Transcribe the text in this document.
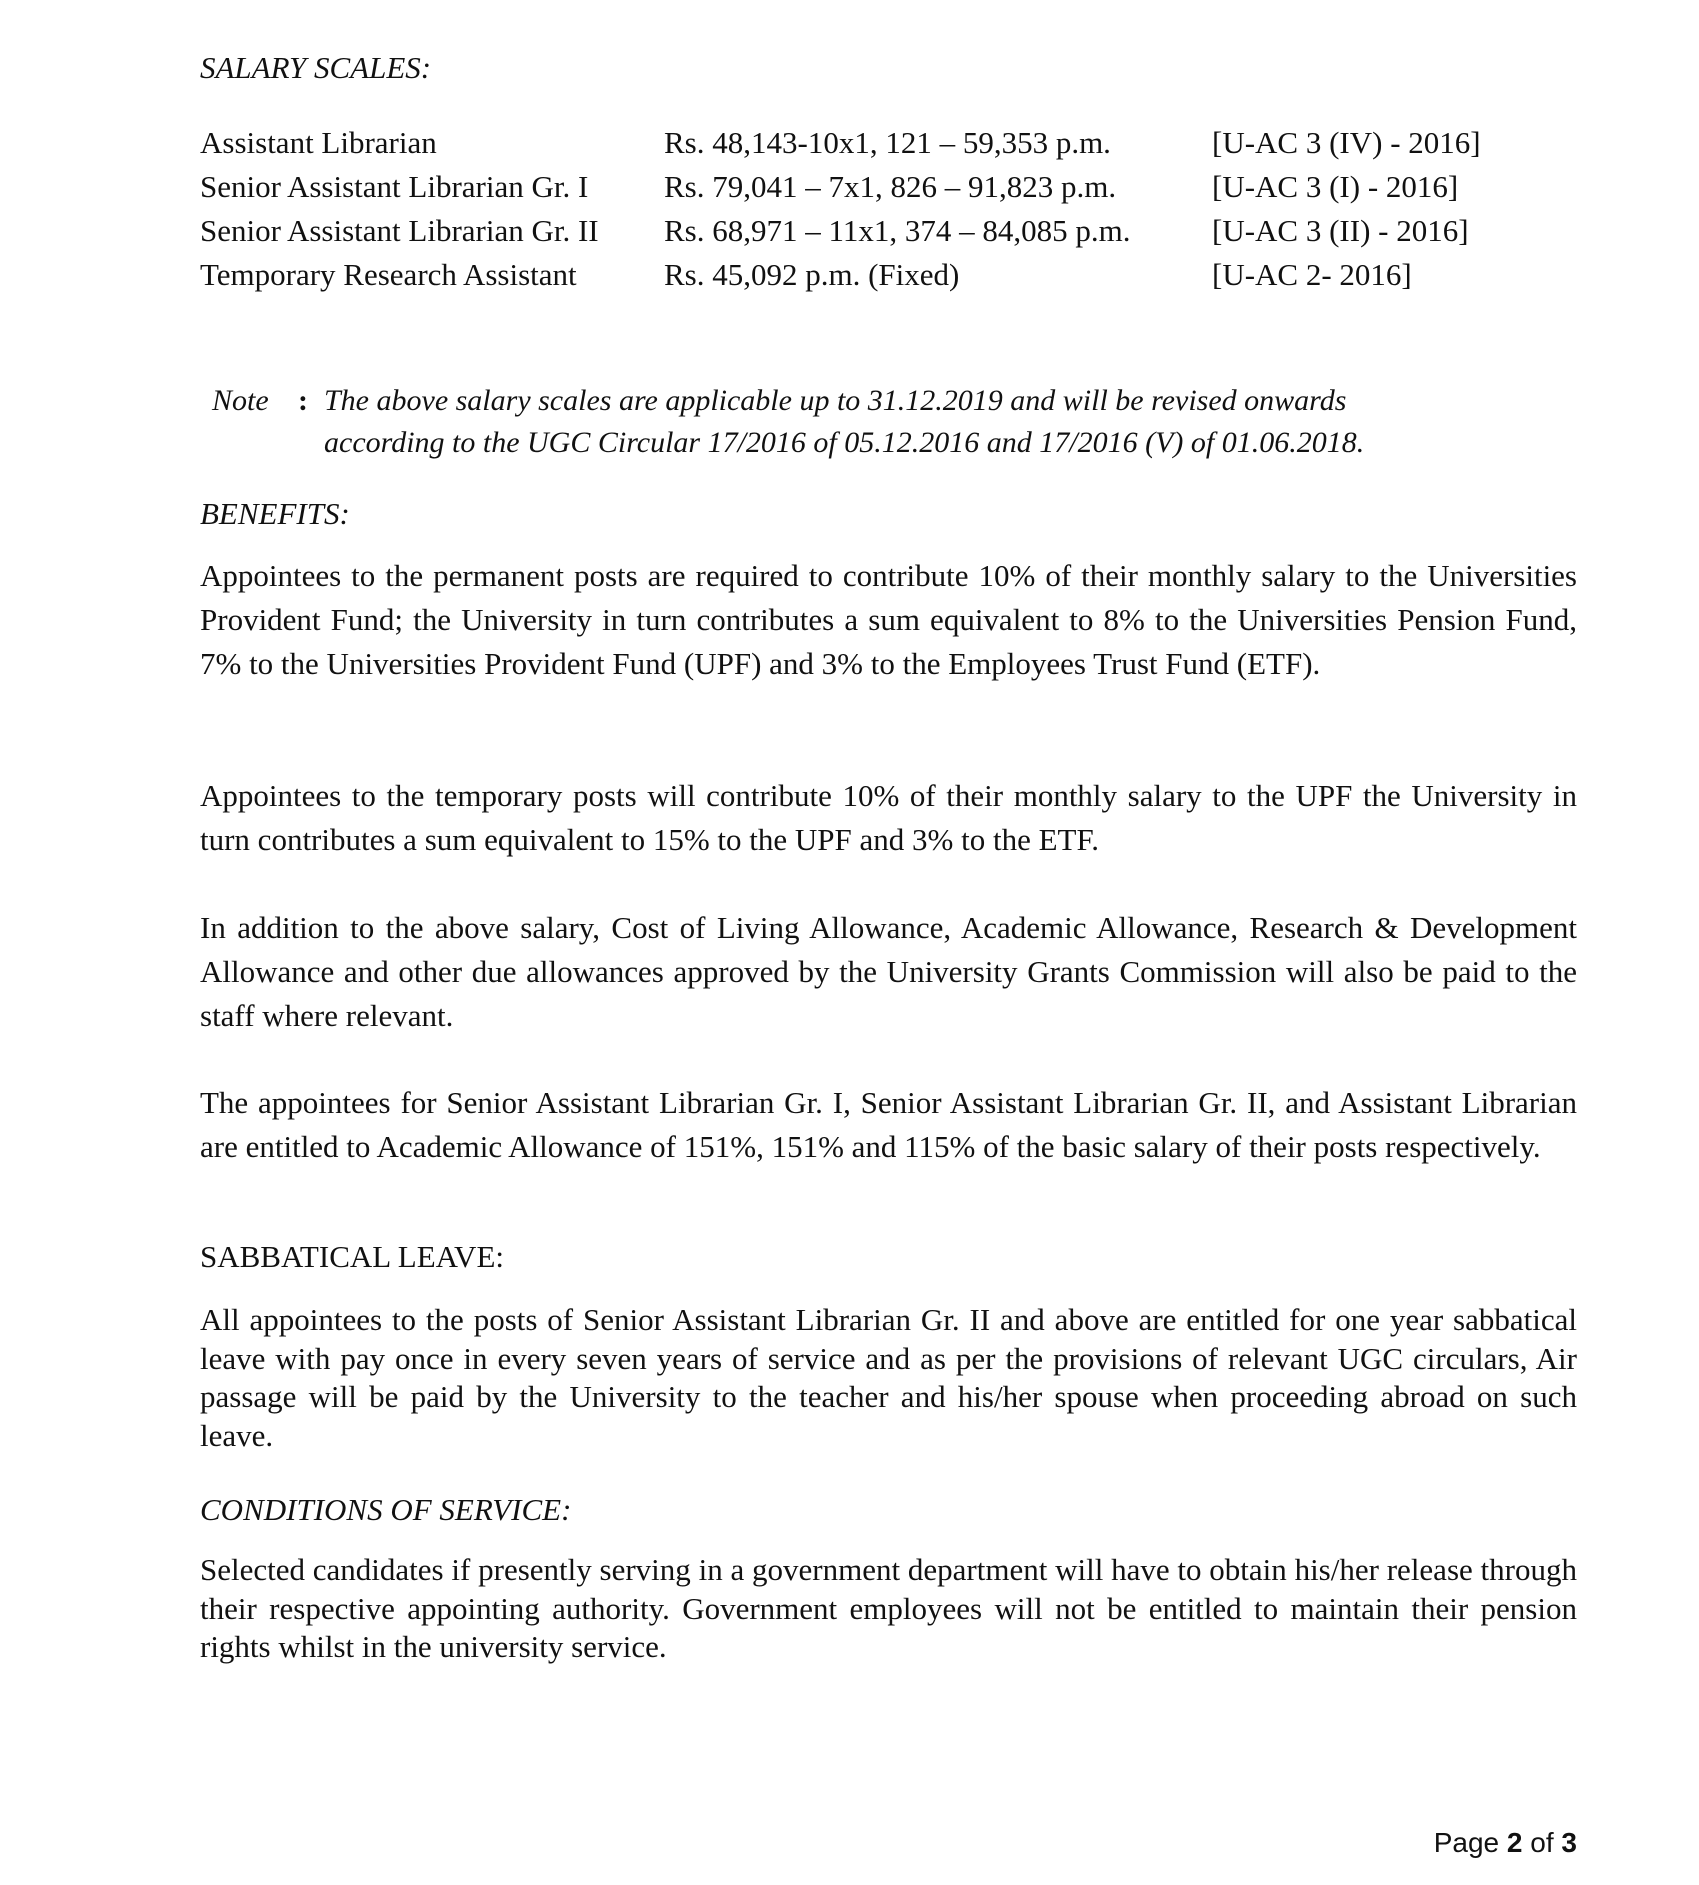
SALARY SCALES:
Assistant Librarian	Rs. 48,143-10x1, 121 – 59,353 p.m.	[U-AC 3 (IV) - 2016]
Senior Assistant Librarian Gr. I Rs. 79,041 – 7x1, 826 – 91,823 p.m.	[U-AC 3 (I) - 2016]
Senior Assistant Librarian Gr. II Rs. 68,971 – 11x1, 374 – 84,085 p.m.	[U-AC 3 (II) - 2016]
Temporary Research Assistant	Rs. 45,092 p.m. (Fixed)	[U-AC 2- 2016]
Note : The above salary scales are applicable up to 31.12.2019 and will be revised onwards
according to the UGC Circular 17/2016 of 05.12.2016 and 17/2016 (V) of 01.06.2018.
BENEFITS:
Appointees to the permanent posts are required to contribute 10% of their monthly salary to the Universities Provident Fund; the University in turn contributes a sum equivalent to 8% to the Universities Pension Fund, 7% to the Universities Provident Fund (UPF) and 3% to the Employees Trust Fund (ETF).
Appointees to the temporary posts will contribute 10% of their monthly salary to the UPF the University in turn contributes a sum equivalent to 15% to the UPF and 3% to the ETF.
In addition to the above salary, Cost of Living Allowance, Academic Allowance, Research & Development Allowance and other due allowances approved by the University Grants Commission will also be paid to the staff where relevant.
The appointees for Senior Assistant Librarian Gr. I, Senior Assistant Librarian Gr. II, and Assistant Librarian are entitled to Academic Allowance of 151%, 151% and 115% of the basic salary of their posts respectively.
SABBATICAL LEAVE:
All appointees to the posts of Senior Assistant Librarian Gr. II and above are entitled for one year sabbatical leave with pay once in every seven years of service and as per the provisions of relevant UGC circulars, Air passage will be paid by the University to the teacher and his/her spouse when proceeding abroad on such leave.
CONDITIONS OF SERVICE:
Selected candidates if presently serving in a government department will have to obtain his/her release through their respective appointing authority. Government employees will not be entitled to maintain their pension rights whilst in the university service.
Page 2 of 3
